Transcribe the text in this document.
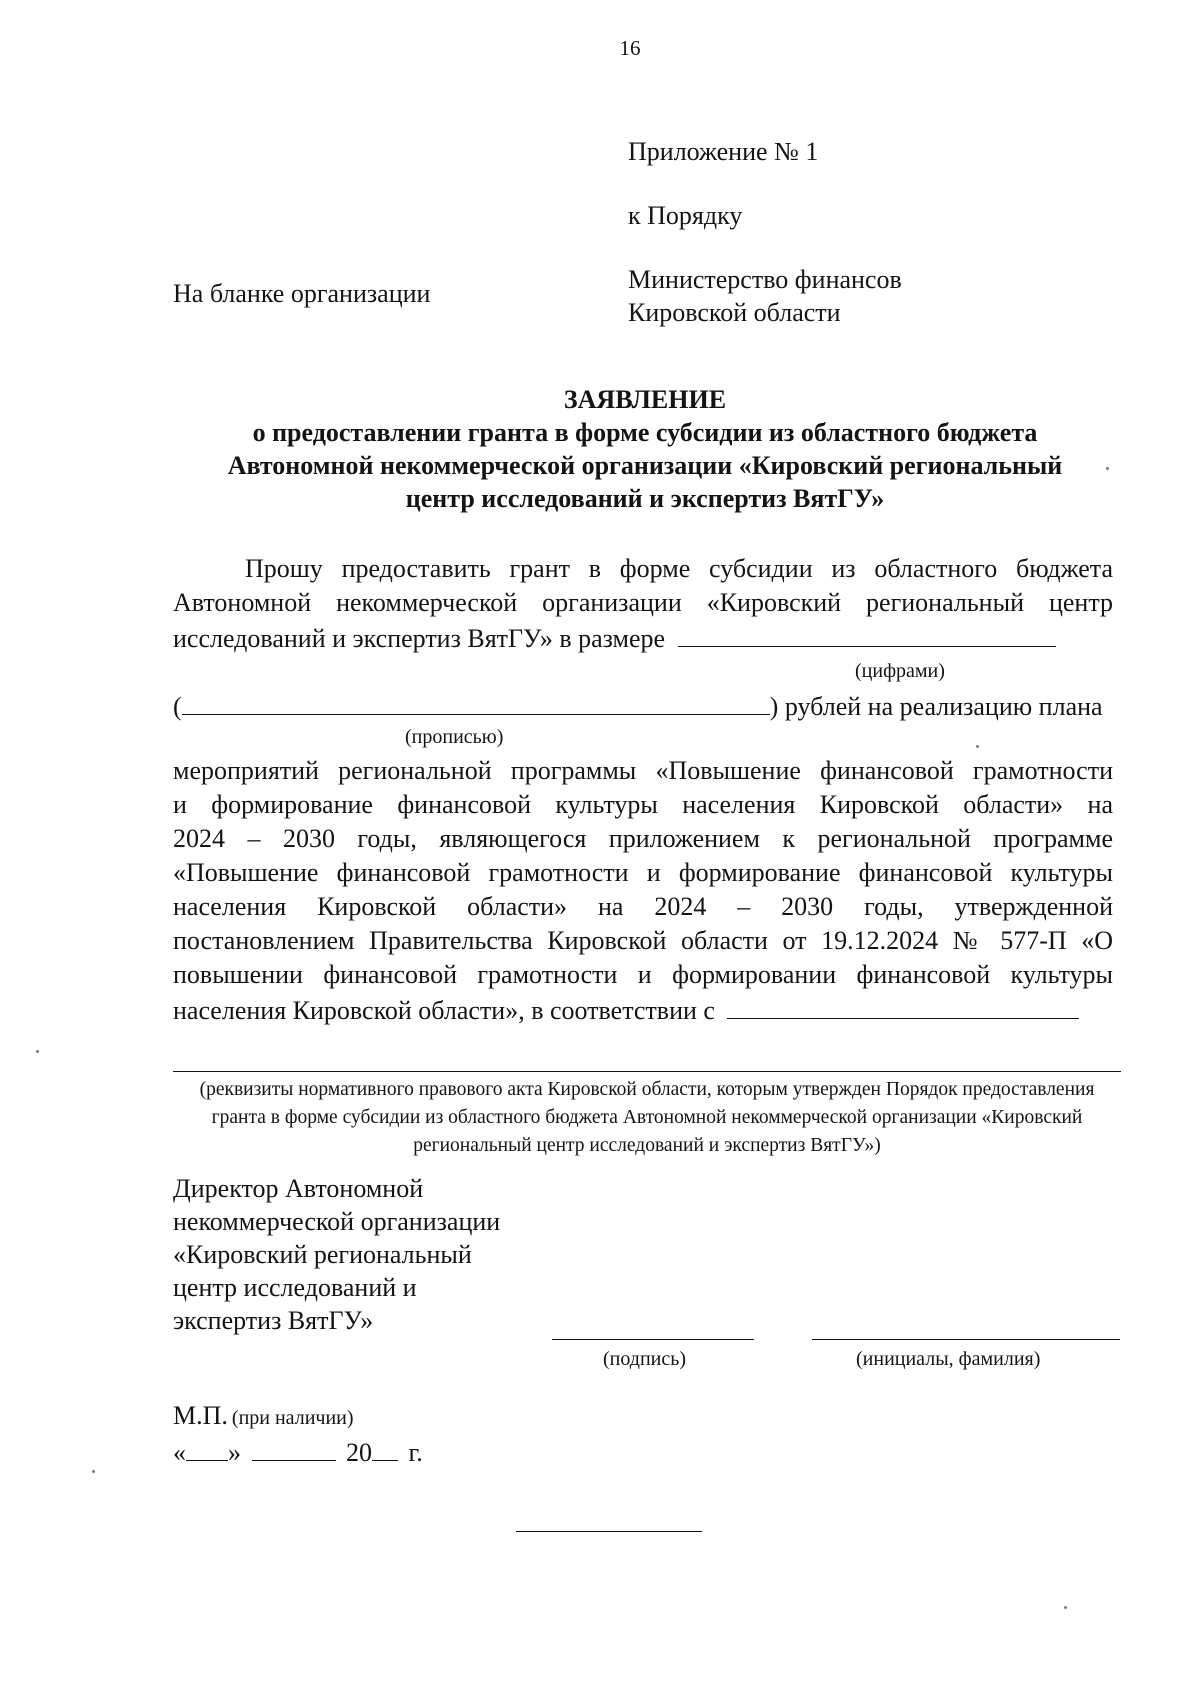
16
Приложение № 1
к Порядку
Министерство финансов
Кировской области
На бланке организации
ЗАЯВЛЕНИЕ
о предоставлении гранта в форме субсидии из областного бюджета
Автономной некоммерческой организации «Кировский региональный
центр исследований и экспертиз ВятГУ»
Прошу предоставить грант в форме субсидии из областного бюджета
Автономной некоммерческой организации «Кировский региональный центр
исследований и экспертиз ВятГУ» в размере
(цифрами)
(	) рублей на реализацию плана
(прописью)
мероприятий региональной программы «Повышение финансовой грамотности
и формирование финансовой культуры населения Кировской области» на
2024 – 2030 годы, являющегося приложением к региональной программе
«Повышение финансовой грамотности и формирование финансовой культуры
населения Кировской области» на 2024 – 2030 годы, утвержденной
постановлением Правительства Кировской области от 19.12.2024 № 577-П «О
повышении финансовой грамотности и формировании финансовой культуры
населения Кировской области», в соответствии с
(реквизиты нормативного правового акта Кировской области, которым утвержден Порядок предоставления гранта в форме субсидии из областного бюджета Автономной некоммерческой организации «Кировский региональный центр исследований и экспертиз ВятГУ»)
Директор Автономной
некоммерческой организации
«Кировский региональный
центр исследований и
экспертиз ВятГУ»
(подпись)	(инициалы, фамилия)
М.П. (при наличии)
« »	20 г.
